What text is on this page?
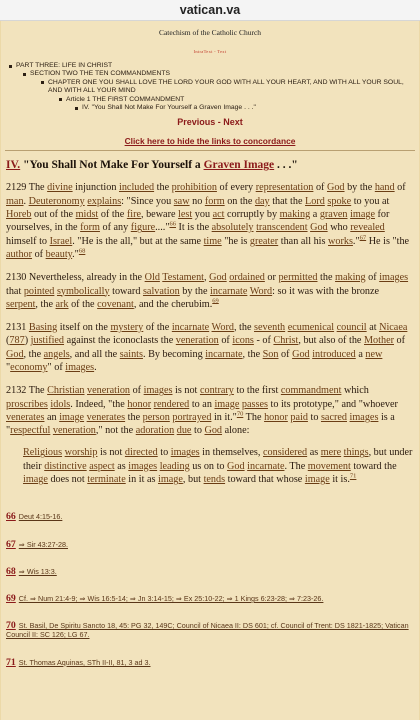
vatican.va
Catechism of the Catholic Church
IntraText - Text
PART THREE: LIFE IN CHRIST
SECTION TWO THE TEN COMMANDMENTS
CHAPTER ONE YOU SHALL LOVE THE LORD YOUR GOD WITH ALL YOUR HEART, AND WITH ALL YOUR SOUL, AND WITH ALL YOUR MIND
Article 1 THE FIRST COMMANDMENT
IV. "You Shall Not Make For Yourself a Graven Image . . ."
Previous - Next
Click here to hide the links to concordance
IV. "You Shall Not Make For Yourself a Graven Image . . ."
2129 The divine injunction included the prohibition of every representation of God by the hand of man. Deuteronomy explains: "Since you saw no form on the day that the Lord spoke to you at Horeb out of the midst of the fire, beware lest you act corruptly by making a graven image for yourselves, in the form of any figure...."$^{66}$ It is the absolutely transcendent God who revealed himself to Israel. "He is the all," but at the same time "he is greater than all his works."$^{67}$ He is "the author of beauty."$^{68}$
2130 Nevertheless, already in the Old Testament, God ordained or permitted the making of images that pointed symbolically toward salvation by the incarnate Word: so it was with the bronze serpent, the ark of the covenant, and the cherubim.$^{69}$
2131 Basing itself on the mystery of the incarnate Word, the seventh ecumenical council at Nicaea (787) justified against the iconoclasts the veneration of icons - of Christ, but also of the Mother of God, the angels, and all the saints. By becoming incarnate, the Son of God introduced a new "economy" of images.
2132 The Christian veneration of images is not contrary to the first commandment which proscribes idols. Indeed, "the honor rendered to an image passes to its prototype," and "whoever venerates an image venerates the person portrayed in it."$^{70}$ The honor paid to sacred images is a "respectful veneration," not the adoration due to God alone:
Religious worship is not directed to images in themselves, considered as mere things, but under their distinctive aspect as images leading us on to God incarnate. The movement toward the image does not terminate in it as image, but tends toward that whose image it is.$^{71}$
66 Deut 4:15-16.
67 ⇒ Sir 43:27-28.
68 ⇒ Wis 13:3.
69 Cf. ⇒ Num 21:4-9; ⇒ Wis 16:5-14; ⇒ Jn 3:14-15; ⇒ Ex 25:10-22; ⇒ 1 Kings 6:23-28; ⇒ 7:23-26.
70 St. Basil, De Spiritu Sancto 18, 45: PG 32, 149C; Council of Nicaea II: DS 601; cf. Council of Trent: DS 1821-1825; Vatican Council II: SC 126; LG 67.
71 St. Thomas Aquinas, STh II-II, 81, 3 ad 3.
